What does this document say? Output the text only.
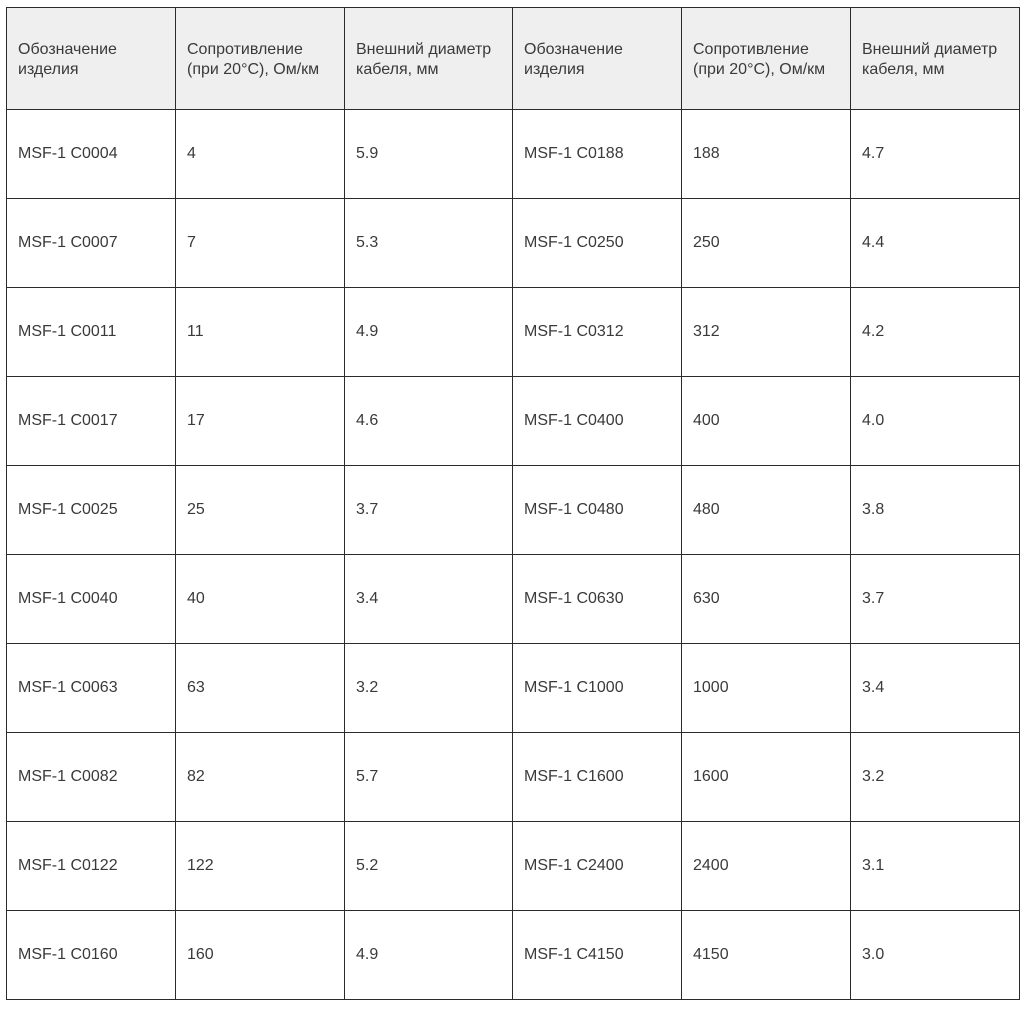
Обозначение изделия	Сопротивление (при 20°С), Ом/км	Внешний диаметр кабеля, мм	Обозначение изделия	Сопротивление (при 20°С), Ом/км	Внешний диаметр кабеля, мм
MSF-1 C0004	4	5.9	MSF-1 C0188	188	4.7
MSF-1 C0007	7	5.3	MSF-1 C0250	250	4.4
MSF-1 C0011	11	4.9	MSF-1 C0312	312	4.2
MSF-1 C0017	17	4.6	MSF-1 C0400	400	4.0
MSF-1 C0025	25	3.7	MSF-1 C0480	480	3.8
MSF-1 C0040	40	3.4	MSF-1 C0630	630	3.7
MSF-1 C0063	63	3.2	MSF-1 C1000	1000	3.4
MSF-1 C0082	82	5.7	MSF-1 C1600	1600	3.2
MSF-1 C0122	122	5.2	MSF-1 C2400	2400	3.1
MSF-1 C0160	160	4.9	MSF-1 C4150	4150	3.0
